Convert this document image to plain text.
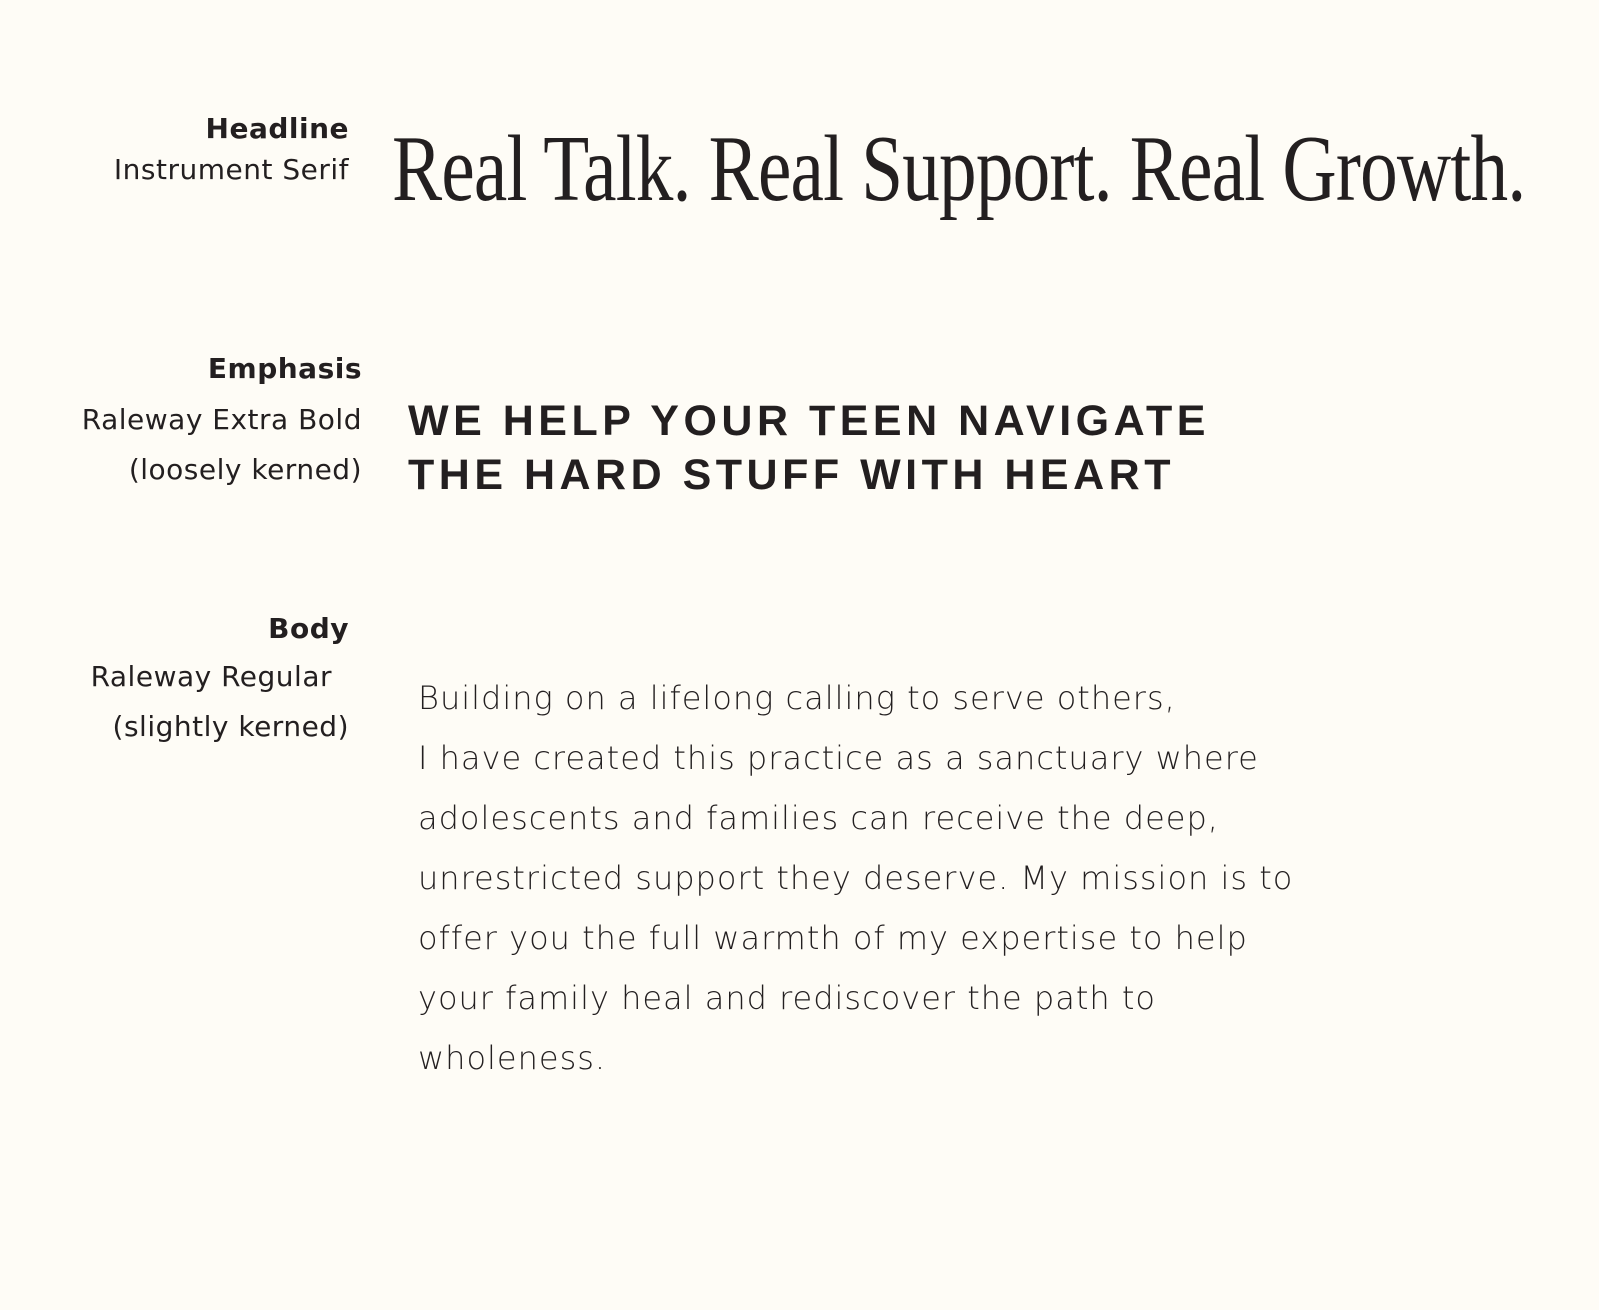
Headline
Instrument Serif Real Talk. Real Support. Real Growth.
Emphasis
Raleway Extra Bold
(loosely kerned)
WE HELP YOUR TEEN NAVIGATE
THE HARD STUFF WITH HEART
Body
Raleway Regular
(slightly kerned)
Building on a lifelong calling to serve others,
I have created this practice as a sanctuary where
adolescents and families can receive the deep,
unrestricted support they deserve. My mission is to
offer you the full warmth of my expertise to help
your family heal and rediscover the path to
wholeness.
